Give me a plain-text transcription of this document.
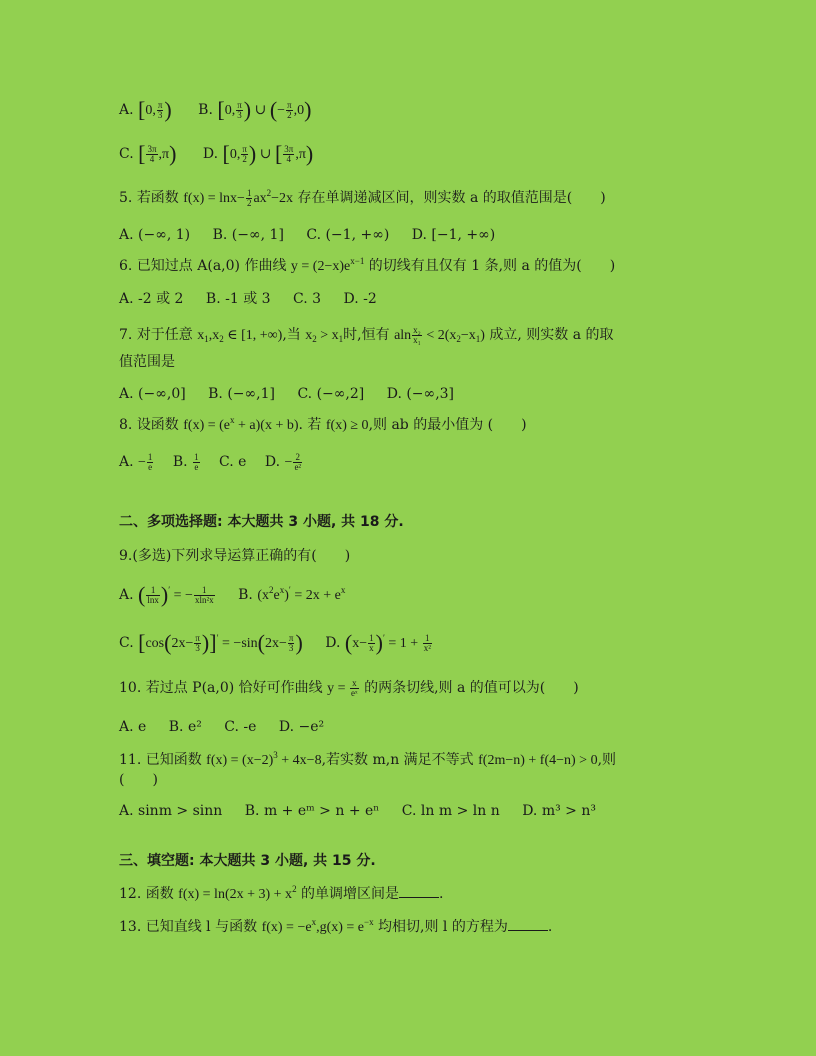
A. [0, $\frac{\pi}{3}$ ) B. [0, $\frac{\pi}{3}$ ) ∪ (− $\frac{\pi}{2} ,0$)
C. [ $\frac{3\pi}{4} ,\pi$) D. [0, $\frac{\pi}{2}$ ) ∪ [ $\frac{3\pi}{4} ,\pi$)
5. 若函数 $f(x) = \ln x- \frac{1}{2} ax^2-2x$ 存在单调递减区间，则实数 a 的取值范围是(　　)
A. (−∞, 1) B. (−∞, 1] C. (−1, +∞) D. [−1, +∞)
6. 已知过点 A(a,0) 作曲线 $y = (2-x)e^{x-1}$ 的切线有且仅有 1 条,则 a 的值为(　　)
A. -2 或 2 B. -1 或 3 C. 3 D. -2
7. 对于任意 $x_1,x_2$ ∈ [1, +∞),当 $x_2 > x_1$时,恒有 aln $\frac{\text{x₂}}{\text{x₁}} < 2(x_2-x_1)$ 成立, 则实数 a 的取
值范围是
A. (−∞,0] B. (−∞,1] C. (−∞,2] D. (−∞,3]
8. 设函数 $f(x) = (e^x + a)(x + b)$. 若 f(x) ≥ 0,则 ab 的最小值为 (　　)
A. − $\frac{1}{e} B$. $\frac{1}{e} C$. e D. − $\frac{2}{\text{e²}}$
二、多项选择题: 本大题共 3 小题, 共 18 分.
9.(多选)下列求导运算正确的有(　　)
A. ( $\frac{1}{\ln x} )'$ = − $\frac{1}{\text{xln²x}} B$. $(x^2e^x)' = 2x + e^x$
C. $[\cos(2x- \frac{\pi}{3} )]' = -\sin(2x- \frac{\pi}{3}$ ) D. $(x- \frac{1}{x} )' = 1 + \frac{1}{\text{x²}}$
10. 若过点 P(a,0) 恰好可作曲线 $y = \frac{x}{\text{eˣ}}$ 的两条切线,则 a 的值可以为(　　)
A. e B. e² C. -e D. −e²
11. 已知函数 $f(x) = (x-2)^3 + 4x-8$,若实数 m,n 满足不等式 f(2m−n) + f(4−n) > 0,则
(　　)
A. sinm > sinn B. m + eᵐ > n + eⁿ C. ln m > ln n D. m³ > n³
三、填空题: 本大题共 3 小题, 共 15 分.
12. 函数 $f(x) = \ln(2x + 3) + x^2$ 的单调增区间是	.
13. 已知直线 l 与函数 $f(x) = -e^x,g(x) = e^{-x}$ 均相切,则 l 的方程为	.
